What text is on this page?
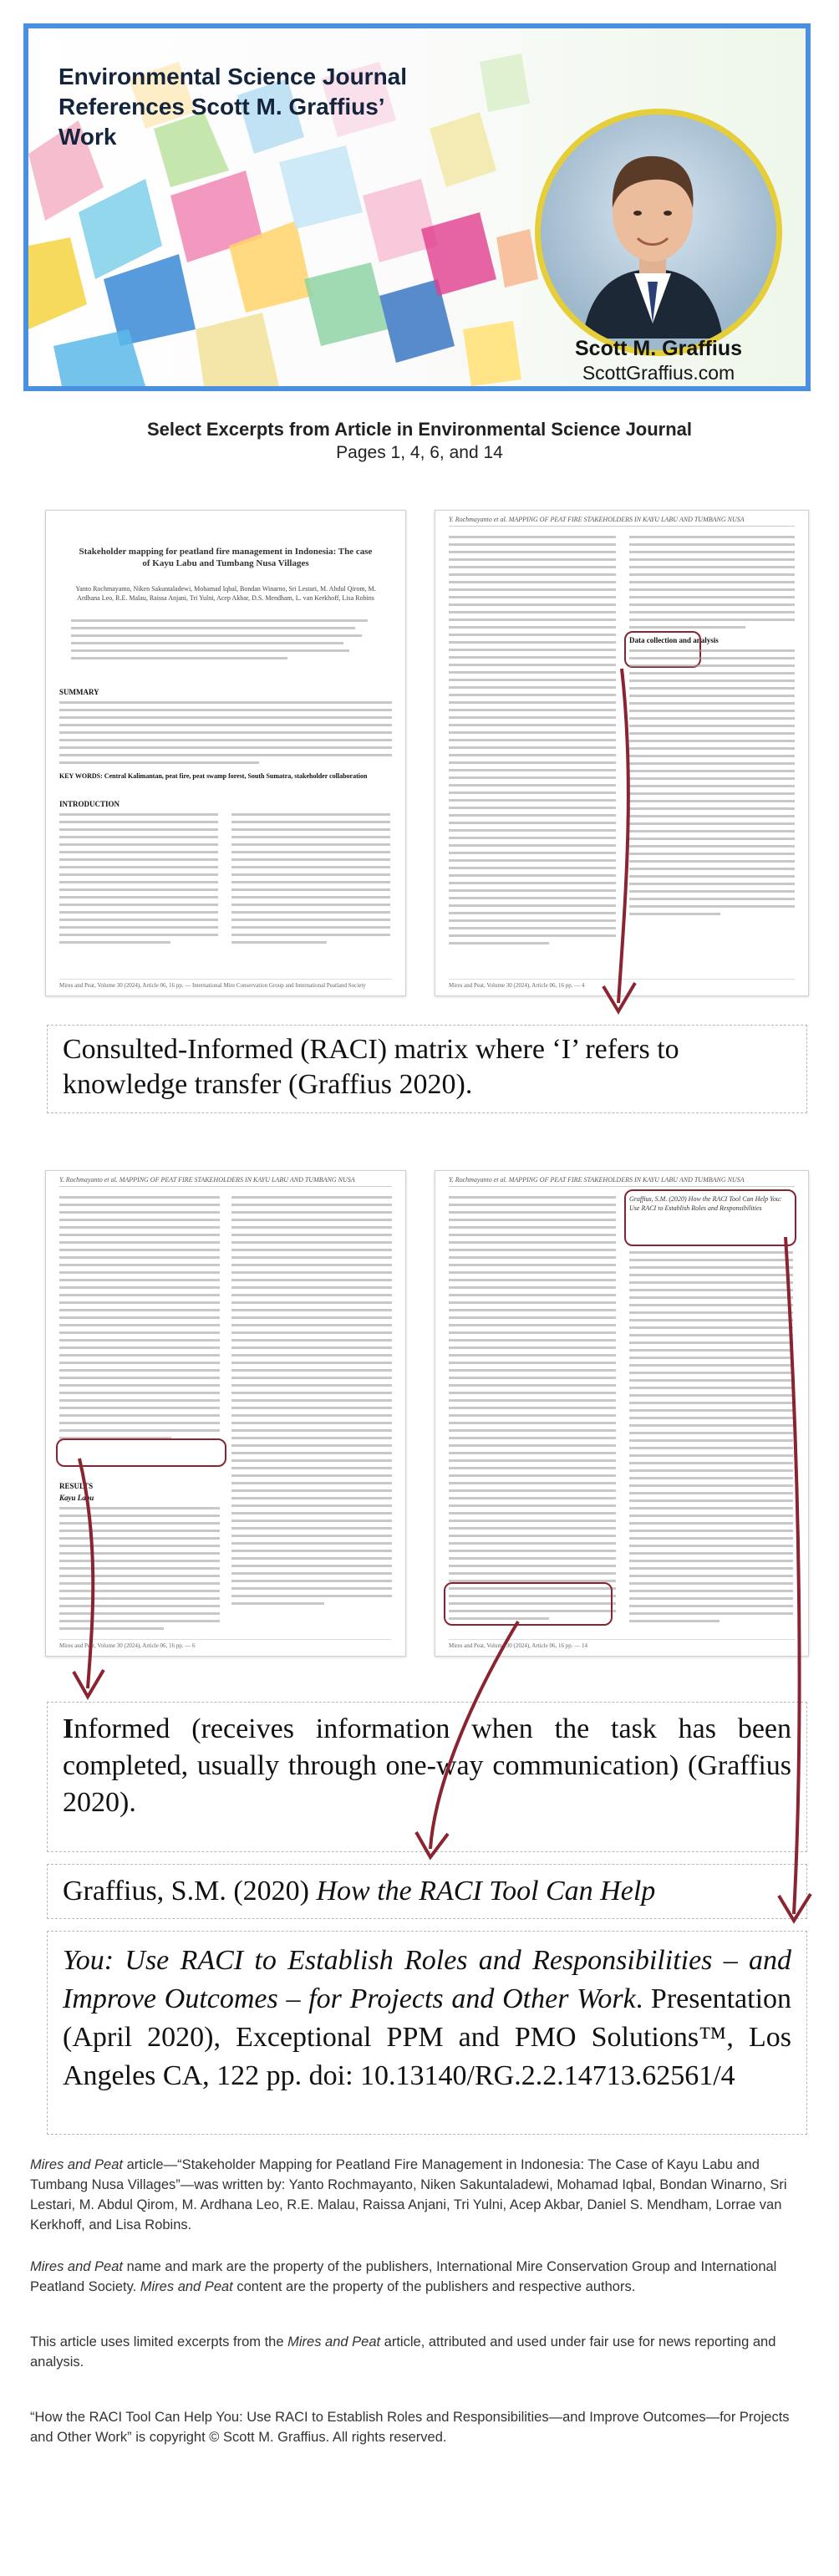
Environmental Science Journal
References Scott M. Graffius’ Work
Scott M. Graffius
ScottGraffius.com
Select Excerpts from Article in Environmental Science Journal
Pages 1, 4, 6, and 14
Stakeholder mapping for peatland fire management in Indonesia: The case of Kayu Labu and Tumbang Nusa Villages
Yanto Rochmayanto, Niken Sakuntaladewi, Mohamad Iqbal, Bondan Winarno, Sri Lestari, M. Abdul Qirom, M. Ardhana Leo, R.E. Malau, Raissa Anjani, Tri Yulni, Acep Akbar, D.S. Mendham, L. van Kerkhoff, Lisa Robins
SUMMARY
KEY WORDS: Central Kalimantan, peat fire, peat swamp forest, South Sumatra, stakeholder collaboration
INTRODUCTION
Mires and Peat, Volume 30 (2024), Article 06, 16 pp. — International Mire Conservation Group and International Peatland Society
Y. Rochmayanto et al. MAPPING OF PEAT FIRE STAKEHOLDERS IN KAYU LABU AND TUMBANG NUSA
Data collection and analysis
Mires and Peat, Volume 30 (2024), Article 06, 16 pp. — 4
Consulted-Informed (RACI) matrix where ‘I’ refers to knowledge transfer (Graffius 2020).
Y. Rochmayanto et al. MAPPING OF PEAT FIRE STAKEHOLDERS IN KAYU LABU AND TUMBANG NUSA
RESULTS
Kayu Labu
Mires and Peat, Volume 30 (2024), Article 06, 16 pp. — 6
Y. Rochmayanto et al. MAPPING OF PEAT FIRE STAKEHOLDERS IN KAYU LABU AND TUMBANG NUSA
Graffius, S.M. (2020) How the RACI Tool Can Help You: Use RACI to Establish Roles and Responsibilities
Mires and Peat, Volume 30 (2024), Article 06, 16 pp. — 14
Informed (receives information when the task has been completed, usually through one-way communication) (Graffius 2020).
Graffius, S.M. (2020) How the RACI Tool Can Help
You: Use RACI to Establish Roles and Responsibilities – and Improve Outcomes – for Projects and Other Work. Presentation (April 2020), Exceptional PPM and PMO Solutions™, Los Angeles CA, 122 pp. doi: 10.13140/RG.2.2.14713.62561/4
Mires and Peat article—“Stakeholder Mapping for Peatland Fire Management in Indonesia: The Case of Kayu Labu and Tumbang Nusa Villages”—was written by: Yanto Rochmayanto, Niken Sakuntaladewi, Mohamad Iqbal, Bondan Winarno, Sri Lestari, M. Abdul Qirom, M. Ardhana Leo, R.E. Malau, Raissa Anjani, Tri Yulni, Acep Akbar, Daniel S. Mendham, Lorrae van Kerkhoff, and Lisa Robins.
Mires and Peat name and mark are the property of the publishers, International Mire Conservation Group and International Peatland Society. Mires and Peat content are the property of the publishers and respective authors.
This article uses limited excerpts from the Mires and Peat article, attributed and used under fair use for news reporting and analysis.
“How the RACI Tool Can Help You: Use RACI to Establish Roles and Responsibilities—and Improve Outcomes—for Projects and Other Work” is copyright © Scott M. Graffius. All rights reserved.
